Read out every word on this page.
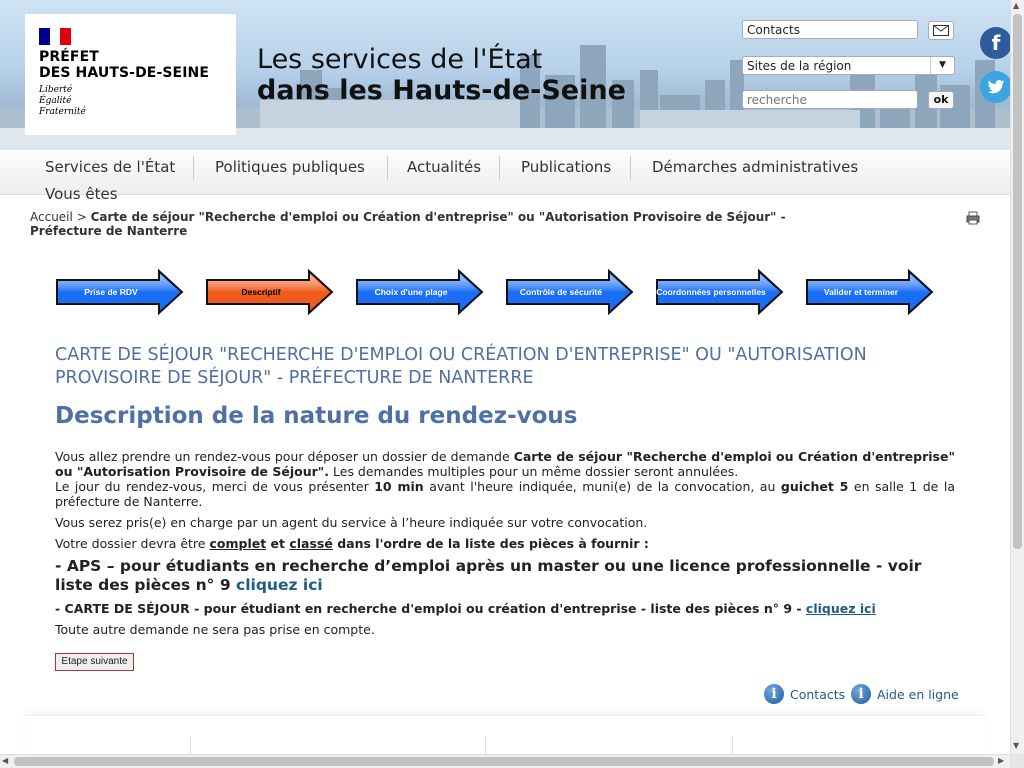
PRÉFET
DES HAUTS-DE-SEINE
Liberté
Égalité
Fraternité
Les services de l'État
dans les Hauts-de-Seine
Contacts
Sites de la région	▼
recherche
ok
f
Services de l'État	Politiques publiques	Actualités	Publications	Démarches administratives
Vous êtes
Accueil > Carte de séjour "Recherche d'emploi ou Création d'entreprise" ou "Autorisation Provisoire de Séjour" - Préfecture de Nanterre
Prise de RDV	Descriptif	Choix d'une plage	Contrôle de sécurité	Coordonnées personnelles	Valider et terminer
CARTE DE SÉJOUR "RECHERCHE D'EMPLOI OU CRÉATION D'ENTREPRISE" OU "AUTORISATION PROVISOIRE DE SÉJOUR" - PRÉFECTURE DE NANTERRE
Description de la nature du rendez-vous

Vous allez prendre un rendez-vous pour déposer un dossier de demande Carte de séjour "Recherche d'emploi ou Création d'entreprise" ou "Autorisation Provisoire de Séjour". Les demandes multiples pour un même dossier seront annulées.
Le jour du rendez-vous, merci de vous présenter 10 min avant l'heure indiquée, muni(e) de la convocation, au guichet 5 en salle 1 de la préfecture de Nanterre.

Vous serez pris(e) en charge par un agent du service à l’heure indiquée sur votre convocation.

Votre dossier devra être complet et classé dans l'ordre de la liste des pièces à fournir :

- APS – pour étudiants en recherche d’emploi après un master ou une licence professionnelle - voir liste des pièces n° 9 cliquez ici

- CARTE DE SÉJOUR - pour étudiant en recherche d'emploi ou création d'entreprise - liste des pièces n° 9 - cliquez ici

Toute autre demande ne sera pas prise en compte.

Etape suivante
i	Contacts i	Aide en ligne
▲
▼
◀	▶
